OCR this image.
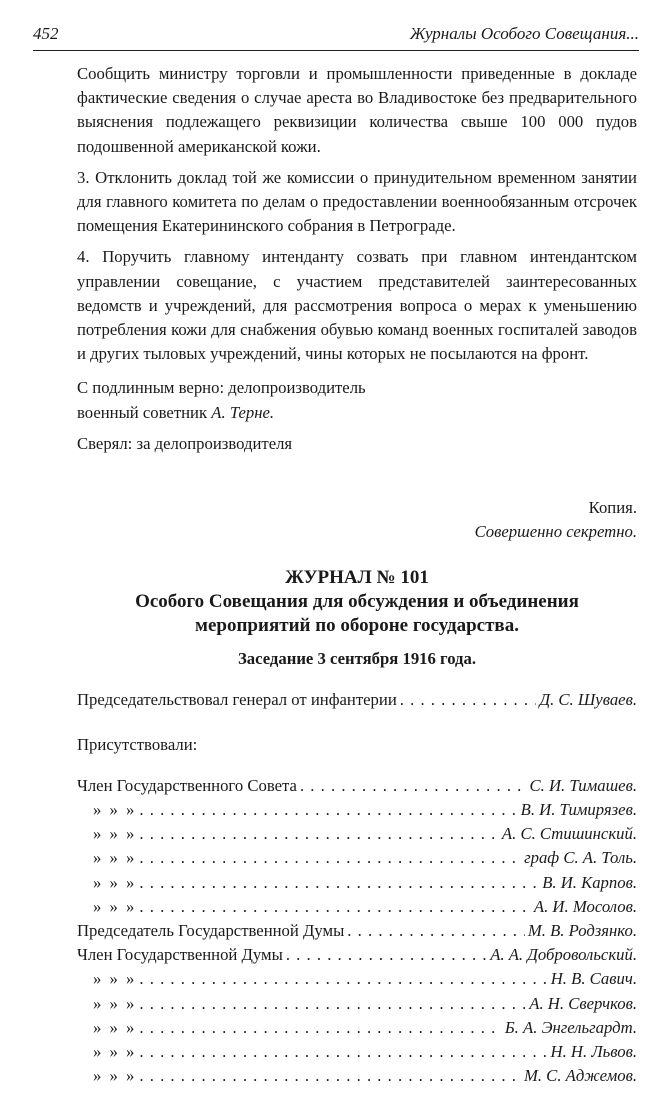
452	Журналы Особого Совещания...

Сообщить министру торговли и промышленности приведенные в докладе фактические сведения о случае ареста во Владивостоке без предварительного выяснения подлежащего реквизиции количества свыше 100 000 пудов подошвенной американской кожи.

3. Отклонить доклад той же комиссии о принудительном временном занятии для главного комитета по делам о предоставлении военнообязанным отсрочек помещения Екатерининского собрания в Петрограде.

4. Поручить главному интенданту созвать при главном интендантском управлении совещание, с участием представителей заинтересованных ведомств и учреждений, для рассмотрения вопроса о мерах к уменьшению потребления кожи для снабжения обувью команд военных госпиталей заводов и других тыловых учреждений, чины которых не посылаются на фронт.

С подлинным верно: делопроизводитель
военный советник А. Терне.
Сверял: за делопроизводителя
Копия.
Совершенно секретно.
ЖУРНАЛ № 101
Особого Совещания для обсуждения и объединения
мероприятий по обороне государства.
Заседание 3 сентября 1916 года.
Председательствовал генерал от инфантерии . . .	Д. С. Шуваев.
Присутствовали:
Член Государственного Совета . . .	С. И. Тимашев.
» » » . . .	В. И. Тимирязев.
» » » . . .	А. С. Стишинский.
» » » . . .	граф С. А. Толь.
» » » . . .	В. И. Карпов.
» » » . . .	А. И. Мосолов.
Председатель Государственной Думы . . .	М. В. Родзянко.
Член Государственной Думы . . .	А. А. Добровольский.
» » » . . .	Н. В. Савич.
» » » . . .	А. Н. Сверчков.
» » » . . .	Б. А. Энгельгардт.
» » » . . .	Н. Н. Львов.
» » » . . .	М. С. Аджемов.
